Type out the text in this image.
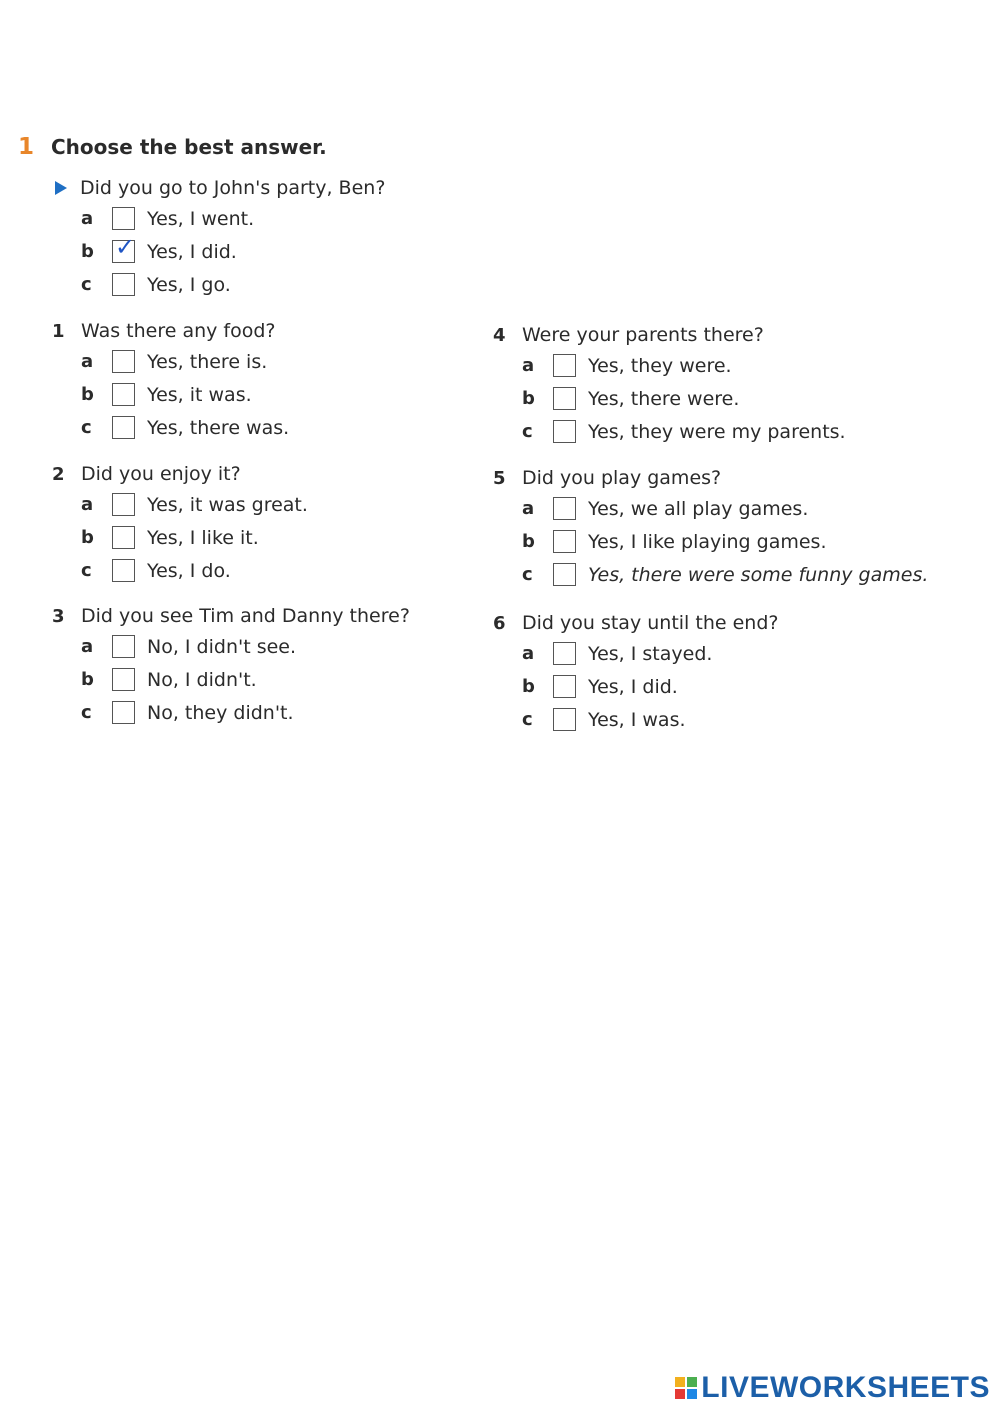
1 Choose the best answer.
Did you go to John's party, Ben?
a	Yes, I went.
b ✓ Yes, I did.
c	Yes, I go.
1 Was there any food?
a	Yes, there is.
b	Yes, it was.
c	Yes, there was.
2 Did you enjoy it?
a	Yes, it was great.
b	Yes, I like it.
c	Yes, I do.
3 Did you see Tim and Danny there?
a	No, I didn't see.
b	No, I didn't.
c	No, they didn't.
4 Were your parents there?
a	Yes, they were.
b	Yes, there were.
c	Yes, they were my parents.
5 Did you play games?
a	Yes, we all play games.
b	Yes, I like playing games.
c	Yes, there were some funny games.
6 Did you stay until the end?
a	Yes, I stayed.
b	Yes, I did.
c	Yes, I was.
LIVEWORKSHEETS
